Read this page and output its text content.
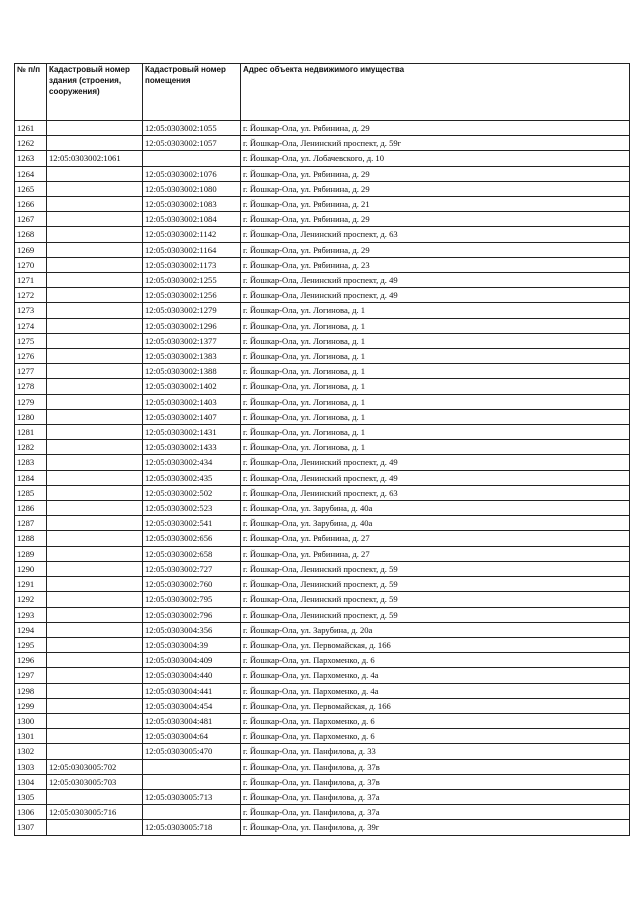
№ п/п	Кадастровый номер здания (строения, сооружения)	Кадастровый номер помещения	Адрес объекта недвижимого имущества
1261		12:05:0303002:1055	г. Йошкар-Ола, ул. Рябинина, д. 29
1262		12:05:0303002:1057	г. Йошкар-Ола, Ленинский проспект, д. 59г
1263	12:05:0303002:1061		г. Йошкар-Ола, ул. Лобачевского, д. 10
1264		12:05:0303002:1076	г. Йошкар-Ола, ул. Рябинина, д. 29
1265		12:05:0303002:1080	г. Йошкар-Ола, ул. Рябинина, д. 29
1266		12:05:0303002:1083	г. Йошкар-Ола, ул. Рябинина, д. 21
1267		12:05:0303002:1084	г. Йошкар-Ола, ул. Рябинина, д. 29
1268		12:05:0303002:1142	г. Йошкар-Ола, Ленинский проспект, д. 63
1269		12:05:0303002:1164	г. Йошкар-Ола, ул. Рябинина, д. 29
1270		12:05:0303002:1173	г. Йошкар-Ола, ул. Рябинина, д. 23
1271		12:05:0303002:1255	г. Йошкар-Ола, Ленинский проспект, д. 49
1272		12:05:0303002:1256	г. Йошкар-Ола, Ленинский проспект, д. 49
1273		12:05:0303002:1279	г. Йошкар-Ола, ул. Логинова, д. 1
1274		12:05:0303002:1296	г. Йошкар-Ола, ул. Логинова, д. 1
1275		12:05:0303002:1377	г. Йошкар-Ола, ул. Логинова, д. 1
1276		12:05:0303002:1383	г. Йошкар-Ола, ул. Логинова, д. 1
1277		12:05:0303002:1388	г. Йошкар-Ола, ул. Логинова, д. 1
1278		12:05:0303002:1402	г. Йошкар-Ола, ул. Логинова, д. 1
1279		12:05:0303002:1403	г. Йошкар-Ола, ул. Логинова, д. 1
1280		12:05:0303002:1407	г. Йошкар-Ола, ул. Логинова, д. 1
1281		12:05:0303002:1431	г. Йошкар-Ола, ул. Логинова, д. 1
1282		12:05:0303002:1433	г. Йошкар-Ола, ул. Логинова, д. 1
1283		12:05:0303002:434	г. Йошкар-Ола, Ленинский проспект, д. 49
1284		12:05:0303002:435	г. Йошкар-Ола, Ленинский проспект, д. 49
1285		12:05:0303002:502	г. Йошкар-Ола, Ленинский проспект, д. 63
1286		12:05:0303002:523	г. Йошкар-Ола, ул. Зарубина, д. 40а
1287		12:05:0303002:541	г. Йошкар-Ола, ул. Зарубина, д. 40а
1288		12:05:0303002:656	г. Йошкар-Ола, ул. Рябинина, д. 27
1289		12:05:0303002:658	г. Йошкар-Ола, ул. Рябинина, д. 27
1290		12:05:0303002:727	г. Йошкар-Ола, Ленинский проспект, д. 59
1291		12:05:0303002:760	г. Йошкар-Ола, Ленинский проспект, д. 59
1292		12:05:0303002:795	г. Йошкар-Ола, Ленинский проспект, д. 59
1293		12:05:0303002:796	г. Йошкар-Ола, Ленинский проспект, д. 59
1294		12:05:0303004:356	г. Йошкар-Ола, ул. Зарубина, д. 20а
1295		12:05:0303004:39	г. Йошкар-Ола, ул. Первомайская, д. 166
1296		12:05:0303004:409	г. Йошкар-Ола, ул. Пархоменко, д. 6
1297		12:05:0303004:440	г. Йошкар-Ола, ул. Пархоменко, д. 4а
1298		12:05:0303004:441	г. Йошкар-Ола, ул. Пархоменко, д. 4а
1299		12:05:0303004:454	г. Йошкар-Ола, ул. Первомайская, д. 166
1300		12:05:0303004:481	г. Йошкар-Ола, ул. Пархоменко, д. 6
1301		12:05:0303004:64	г. Йошкар-Ола, ул. Пархоменко, д. 6
1302		12:05:0303005:470	г. Йошкар-Ола, ул. Панфилова, д. 33
1303	12:05:0303005:702		г. Йошкар-Ола, ул. Панфилова, д. 37в
1304	12:05:0303005:703		г. Йошкар-Ола, ул. Панфилова, д. 37в
1305		12:05:0303005:713	г. Йошкар-Ола, ул. Панфилова, д. 37а
1306	12:05:0303005:716		г. Йошкар-Ола, ул. Панфилова, д. 37а
1307		12:05:0303005:718	г. Йошкар-Ола, ул. Панфилова, д. 39г
